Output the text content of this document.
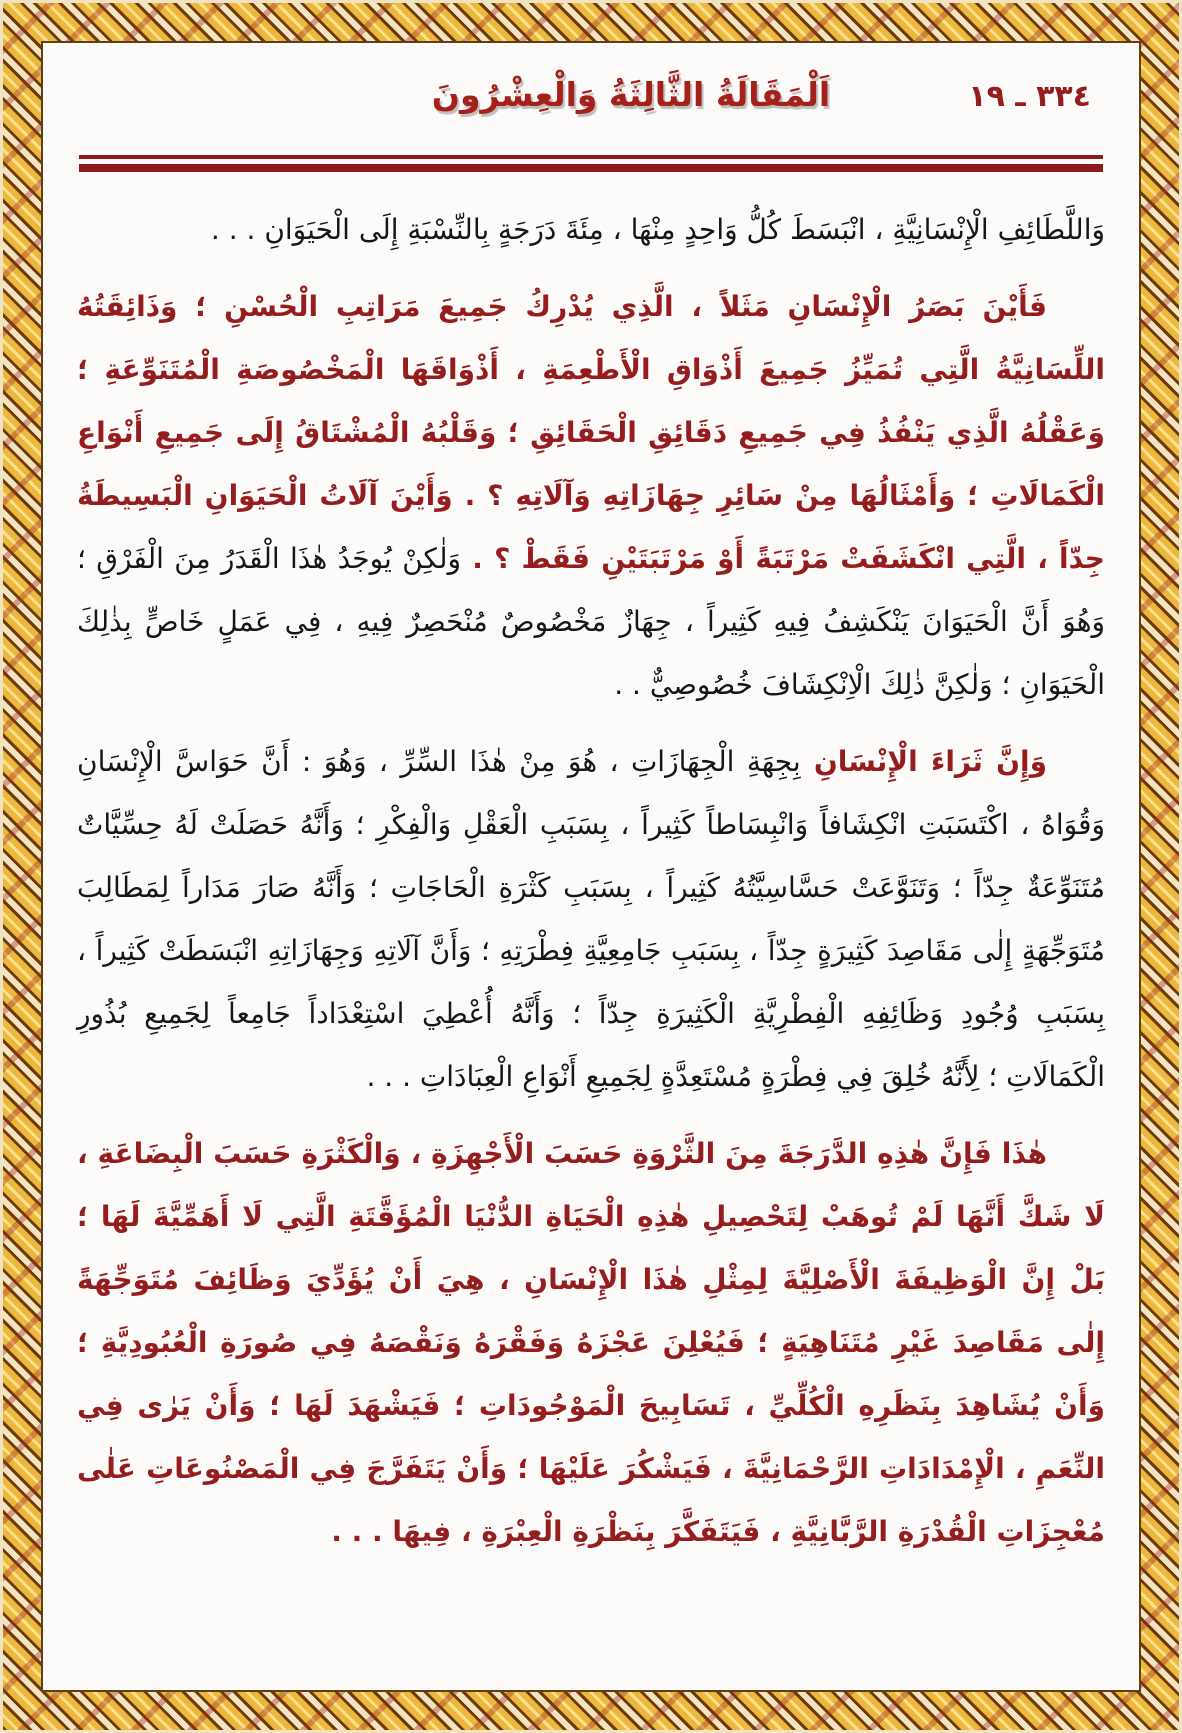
اَلْمَقَالَةُ الثَّالِثَةُ وَالْعِشْرُونَ	٣٣٤ ـ ١٩

وَاللَّطَائِفِ الْإِنْسَانِيَّةِ ، انْبَسَطَ كُلُّ وَاحِدٍ مِنْهَا ، مِئَةَ دَرَجَةٍ بِالنِّسْبَةِ إِلَى الْحَيَوَانِ . . .

فَأَيْنَ بَصَرُ الْإِنْسَانِ مَثَلاً ، الَّذِي يُدْرِكُ جَمِيعَ مَرَاتِبِ الْحُسْنِ ؛ وَذَائِقَتُهُ اللِّسَانِيَّةُ الَّتِي تُمَيِّزُ جَمِيعَ أَذْوَاقِ الْأَطْعِمَةِ ، أَذْوَاقَهَا الْمَخْصُوصَةِ الْمُتَنَوِّعَةِ ؛ وَعَقْلُهُ الَّذِي يَنْفُذُ فِي جَمِيعِ دَقَائِقِ الْحَقَائِقِ ؛ وَقَلْبُهُ الْمُشْتَاقُ إِلَى جَمِيعِ أَنْوَاعِ الْكَمَالَاتِ ؛ وَأَمْثَالُهَا مِنْ سَائِرِ جِهَازَاتِهِ وَآلَاتِهِ ؟ . وَأَيْنَ آلَاتُ الْحَيَوَانِ الْبَسِيطَةُ جِدّاً ، الَّتِي انْكَشَفَتْ مَرْتَبَةً أَوْ مَرْتَبَتَيْنِ فَقَطْ ؟ . وَلٰكِنْ يُوجَدُ هٰذَا الْقَدَرُ مِنَ الْفَرْقِ ؛ وَهُوَ أَنَّ الْحَيَوَانَ يَنْكَشِفُ فِيهِ كَثِيراً ، جِهَازٌ مَخْصُوصٌ مُنْحَصِرٌ فِيهِ ، فِي عَمَلٍ خَاصٍّ بِذٰلِكَ الْحَيَوَانِ ؛ وَلٰكِنَّ ذٰلِكَ الْاِنْكِشَافَ خُصُوصِيٌّ . .

وَإِنَّ ثَرَاءَ الْإِنْسَانِ بِجِهَةِ الْجِهَازَاتِ ، هُوَ مِنْ هٰذَا السِّرِّ ، وَهُوَ : أَنَّ حَوَاسَّ الْإِنْسَانِ وَقُوَاهُ ، اكْتَسَبَتِ انْكِشَافاً وَانْبِسَاطاً كَثِيراً ، بِسَبَبِ الْعَقْلِ وَالْفِكْرِ ؛ وَأَنَّهُ حَصَلَتْ لَهُ حِسِّيَّاتٌ مُتَنَوِّعَةٌ جِدّاً ؛ وَتَنَوَّعَتْ حَسَّاسِيَّتُهُ كَثِيراً ، بِسَبَبِ كَثْرَةِ الْحَاجَاتِ ؛ وَأَنَّهُ صَارَ مَدَاراً لِمَطَالِبَ مُتَوَجِّهَةٍ إِلٰى مَقَاصِدَ كَثِيرَةٍ جِدّاً ، بِسَبَبِ جَامِعِيَّةِ فِطْرَتِهِ ؛ وَأَنَّ آلَاتِهِ وَجِهَازَاتِهِ انْبَسَطَتْ كَثِيراً ، بِسَبَبِ وُجُودِ وَظَائِفِهِ الْفِطْرِيَّةِ الْكَثِيرَةِ جِدّاً ؛ وَأَنَّهُ أُعْطِيَ اسْتِعْدَاداً جَامِعاً لِجَمِيعِ بُذُورِ الْكَمَالَاتِ ؛ لِأَنَّهُ خُلِقَ فِي فِطْرَةٍ مُسْتَعِدَّةٍ لِجَمِيعِ أَنْوَاعِ الْعِبَادَاتِ . . .

هٰذَا فَإِنَّ هٰذِهِ الدَّرَجَةَ مِنَ الثَّرْوَةِ حَسَبَ الْأَجْهِزَةِ ، وَالْكَثْرَةِ حَسَبَ الْبِضَاعَةِ ، لَا شَكَّ أَنَّهَا لَمْ تُوهَبْ لِتَحْصِيلِ هٰذِهِ الْحَيَاةِ الدُّنْيَا الْمُؤَقَّتَةِ الَّتِي لَا أَهَمِّيَّةَ لَهَا ؛ بَلْ إِنَّ الْوَظِيفَةَ الْأَصْلِيَّةَ لِمِثْلِ هٰذَا الْإِنْسَانِ ، هِيَ أَنْ يُؤَدِّيَ وَظَائِفَ مُتَوَجِّهَةً إِلٰى مَقَاصِدَ غَيْرِ مُتَنَاهِيَةٍ ؛ فَيُعْلِنَ عَجْزَهُ وَفَقْرَهُ وَنَقْصَهُ فِي صُورَةِ الْعُبُودِيَّةِ ؛ وَأَنْ يُشَاهِدَ بِنَظَرِهِ الْكُلِّيِّ ، تَسَابِيحَ الْمَوْجُودَاتِ ؛ فَيَشْهَدَ لَهَا ؛ وَأَنْ يَرٰى فِي النِّعَمِ ، الْإِمْدَادَاتِ الرَّحْمَانِيَّةَ ، فَيَشْكُرَ عَلَيْهَا ؛ وَأَنْ يَتَفَرَّجَ فِي الْمَصْنُوعَاتِ عَلٰى مُعْجِزَاتِ الْقُدْرَةِ الرَّبَّانِيَّةِ ، فَيَتَفَكَّرَ بِنَظْرَةِ الْعِبْرَةِ ، فِيهَا . . .
